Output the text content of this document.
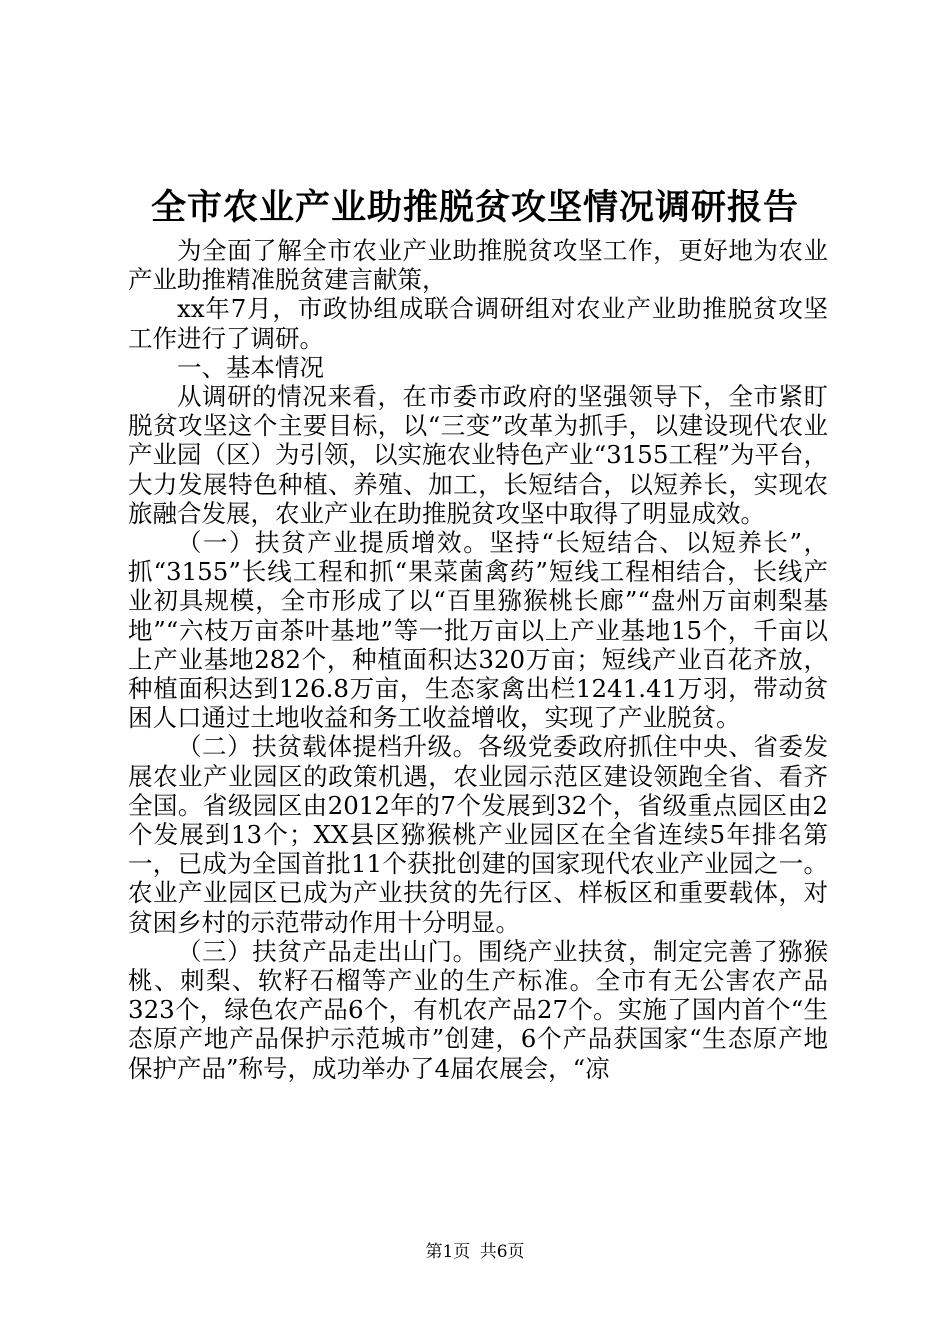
全市农业产业助推脱贫攻坚情况调研报告

为全面了解全市农业产业助推脱贫攻坚工作，更好地为农业产业助推精准脱贫建言献策，

xx年7月，市政协组成联合调研组对农业产业助推脱贫攻坚工作进行了调研。

一、基本情况

从调研的情况来看，在市委市政府的坚强领导下，全市紧盯脱贫攻坚这个主要目标，以“三变”改革为抓手，以建设现代农业产业园（区）为引领，以实施农业特色产业“3155工程”为平台，大力发展特色种植、养殖、加工，长短结合，以短养长，实现农旅融合发展，农业产业在助推脱贫攻坚中取得了明显成效。

（一）扶贫产业提质增效。坚持“长短结合、以短养长”，抓“3155”长线工程和抓“果菜菌禽药”短线工程相结合，长线产业初具规模，全市形成了以“百里猕猴桃长廊”“盘州万亩刺梨基地”“六枝万亩茶叶基地”等一批万亩以上产业基地15个，千亩以上产业基地282个，种植面积达320万亩；短线产业百花齐放，种植面积达到126.8万亩，生态家禽出栏1241.41万羽，带动贫困人口通过土地收益和务工收益增收，实现了产业脱贫。

（二）扶贫载体提档升级。各级党委政府抓住中央、省委发展农业产业园区的政策机遇，农业园示范区建设领跑全省、看齐全国。省级园区由2012年的7个发展到32个，省级重点园区由2个发展到13个；XX县区猕猴桃产业园区在全省连续5年排名第一，已成为全国首批11个获批创建的国家现代农业产业园之一。农业产业园区已成为产业扶贫的先行区、样板区和重要载体，对贫困乡村的示范带动作用十分明显。

（三）扶贫产品走出山门。围绕产业扶贫，制定完善了猕猴桃、刺梨、软籽石榴等产业的生产标准。全市有无公害农产品323个，绿色农产品6个，有机农产品27个。实施了国内首个“生态原产地产品保护示范城市”创建，6个产品获国家“生态原产地保护产品”称号，成功举办了4届农展会，“凉

第1页 共6页
